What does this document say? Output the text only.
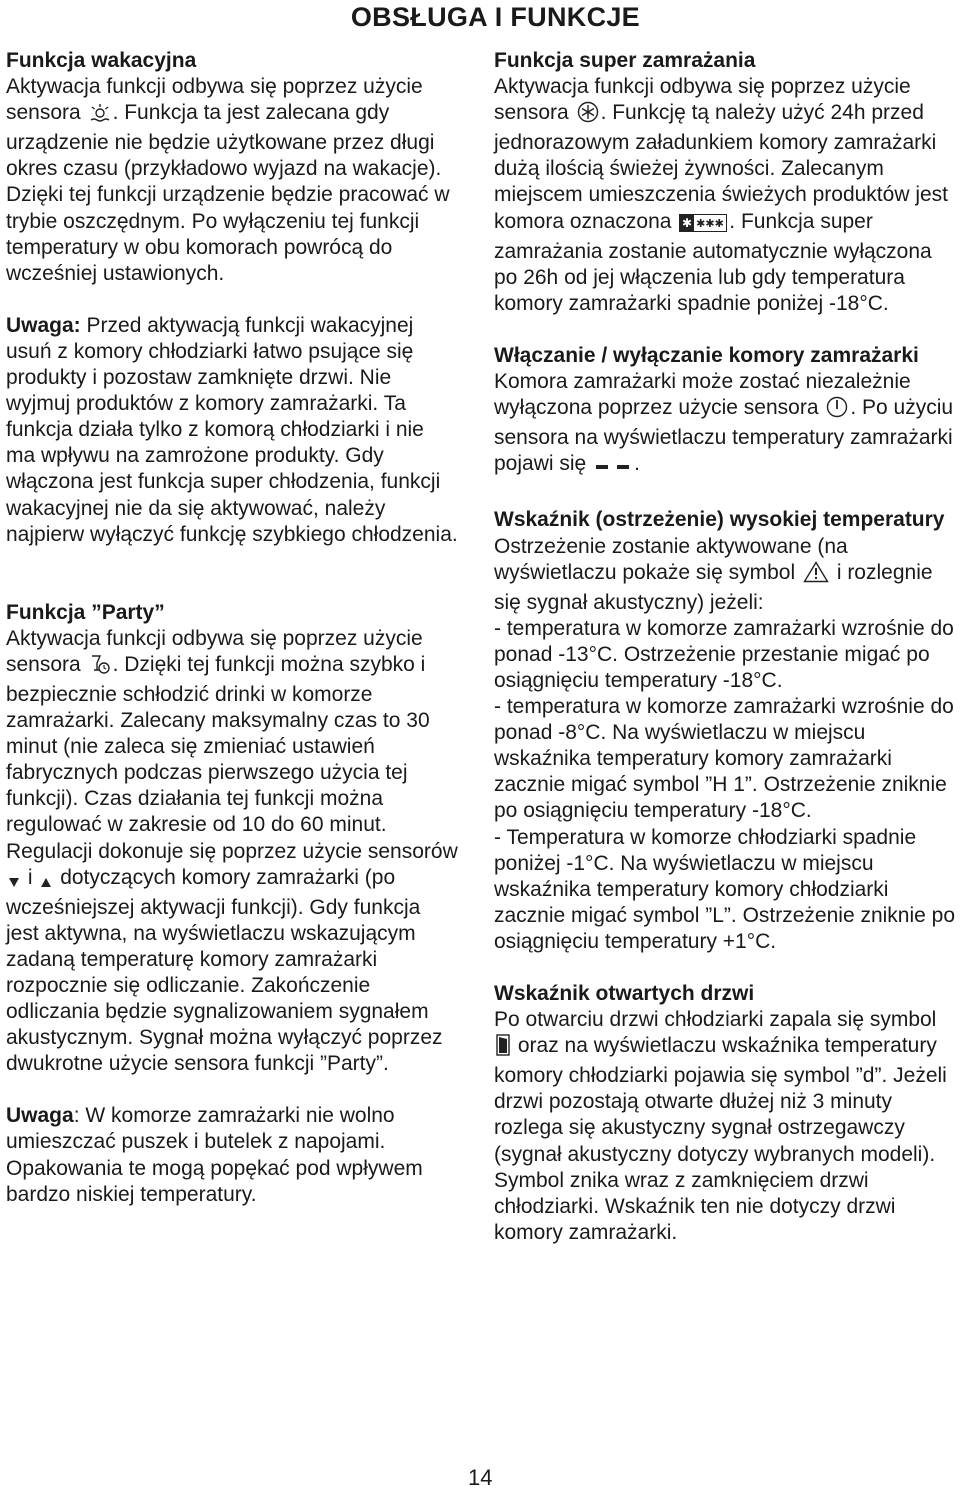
OBSŁUGA I FUNKCJE
Funkcja wakacyjna

Aktywacja funkcji odbywa się poprzez użycie sensora . Funkcja ta jest zalecana gdy urządzenie nie będzie użytkowane przez długi okres czasu (przykładowo wyjazd na wakacje). Dzięki tej funkcji urządzenie będzie pracować w trybie oszczędnym. Po wyłączeniu tej funkcji temperatury w obu komorach powrócą do wcześniej ustawionych.

Uwaga: Przed aktywacją funkcji wakacyjnej usuń z komory chłodziarki łatwo psujące się produkty i pozostaw zamknięte drzwi. Nie wyjmuj produktów z komory zamrażarki. Ta funkcja działa tylko z komorą chłodziarki i nie ma wpływu na zamrożone produkty. Gdy włączona jest funkcja super chłodzenia, funkcji wakacyjnej nie da się aktywować, należy najpierw wyłączyć funkcję szybkiego chłodzenia.

Funkcja ”Party”

Aktywacja funkcji odbywa się poprzez użycie sensora . Dzięki tej funkcji można szybko i bezpiecznie schłodzić drinki w komorze zamrażarki. Zalecany maksymalny czas to 30 minut (nie zaleca się zmieniać ustawień fabrycznych podczas pierwszego użycia tej funkcji). Czas działania tej funkcji można regulować w zakresie od 10 do 60 minut. Regulacji dokonuje się poprzez użycie sensorów  i dotyczących komory zamrażarki (po wcześniejszej aktywacji funkcji). Gdy funkcja jest aktywna, na wyświetlaczu wskazującym zadaną temperaturę komory zamrażarki rozpocznie się odliczanie. Zakończenie odliczania będzie sygnalizowaniem sygnałem akustycznym. Sygnał można wyłączyć poprzez dwukrotne użycie sensora funkcji ”Party”.

Uwaga: W komorze zamrażarki nie wolno umieszczać puszek i butelek z napojami. Opakowania te mogą popękać pod wpływem bardzo niskiej temperatury.

Funkcja super zamrażania

Aktywacja funkcji odbywa się poprzez użycie sensora . Funkcję tą należy użyć 24h przed jednorazowym załadunkiem komory zamrażarki dużą ilością świeżej żywności. Zalecanym miejscem umieszczenia świeżych produktów jest komora oznaczona ✱ ✱✱✱ . Funkcja super zamrażania zostanie automatycznie wyłączona po 26h od jej włączenia lub gdy temperatura komory zamrażarki spadnie poniżej -18°C.

Włączanie / wyłączanie komory zamrażarki

Komora zamrażarki może zostać niezależnie wyłączona poprzez użycie sensora . Po użyciu sensora na wyświetlaczu temperatury zamrażarki pojawi się .

Wskaźnik (ostrzeżenie) wysokiej temperatury

Ostrzeżenie zostanie aktywowane (na wyświetlaczu pokaże się symbol i rozlegnie się sygnał akustyczny) jeżeli:

- temperatura w komorze zamrażarki wzrośnie do ponad -13°C. Ostrzeżenie przestanie migać po osiągnięciu temperatury -18°C.

- temperatura w komorze zamrażarki wzrośnie do ponad -8°C. Na wyświetlaczu w miejscu wskaźnika temperatury komory zamrażarki zacznie migać symbol ”H 1”. Ostrzeżenie zniknie po osiągnięciu temperatury -18°C.

- Temperatura w komorze chłodziarki spadnie poniżej -1°C. Na wyświetlaczu w miejscu wskaźnika temperatury komory chłodziarki zacznie migać symbol ”L”. Ostrzeżenie zniknie po osiągnięciu temperatury +1°C.

Wskaźnik otwartych drzwi

Po otwarciu drzwi chłodziarki zapala się symbol  oraz na wyświetlaczu wskaźnika temperatury komory chłodziarki pojawia się symbol ”d”. Jeżeli drzwi pozostają otwarte dłużej niż 3 minuty rozlega się akustyczny sygnał ostrzegawczy (sygnał akustyczny dotyczy wybranych modeli). Symbol znika wraz z zamknięciem drzwi chłodziarki. Wskaźnik ten nie dotyczy drzwi komory zamrażarki.

14
